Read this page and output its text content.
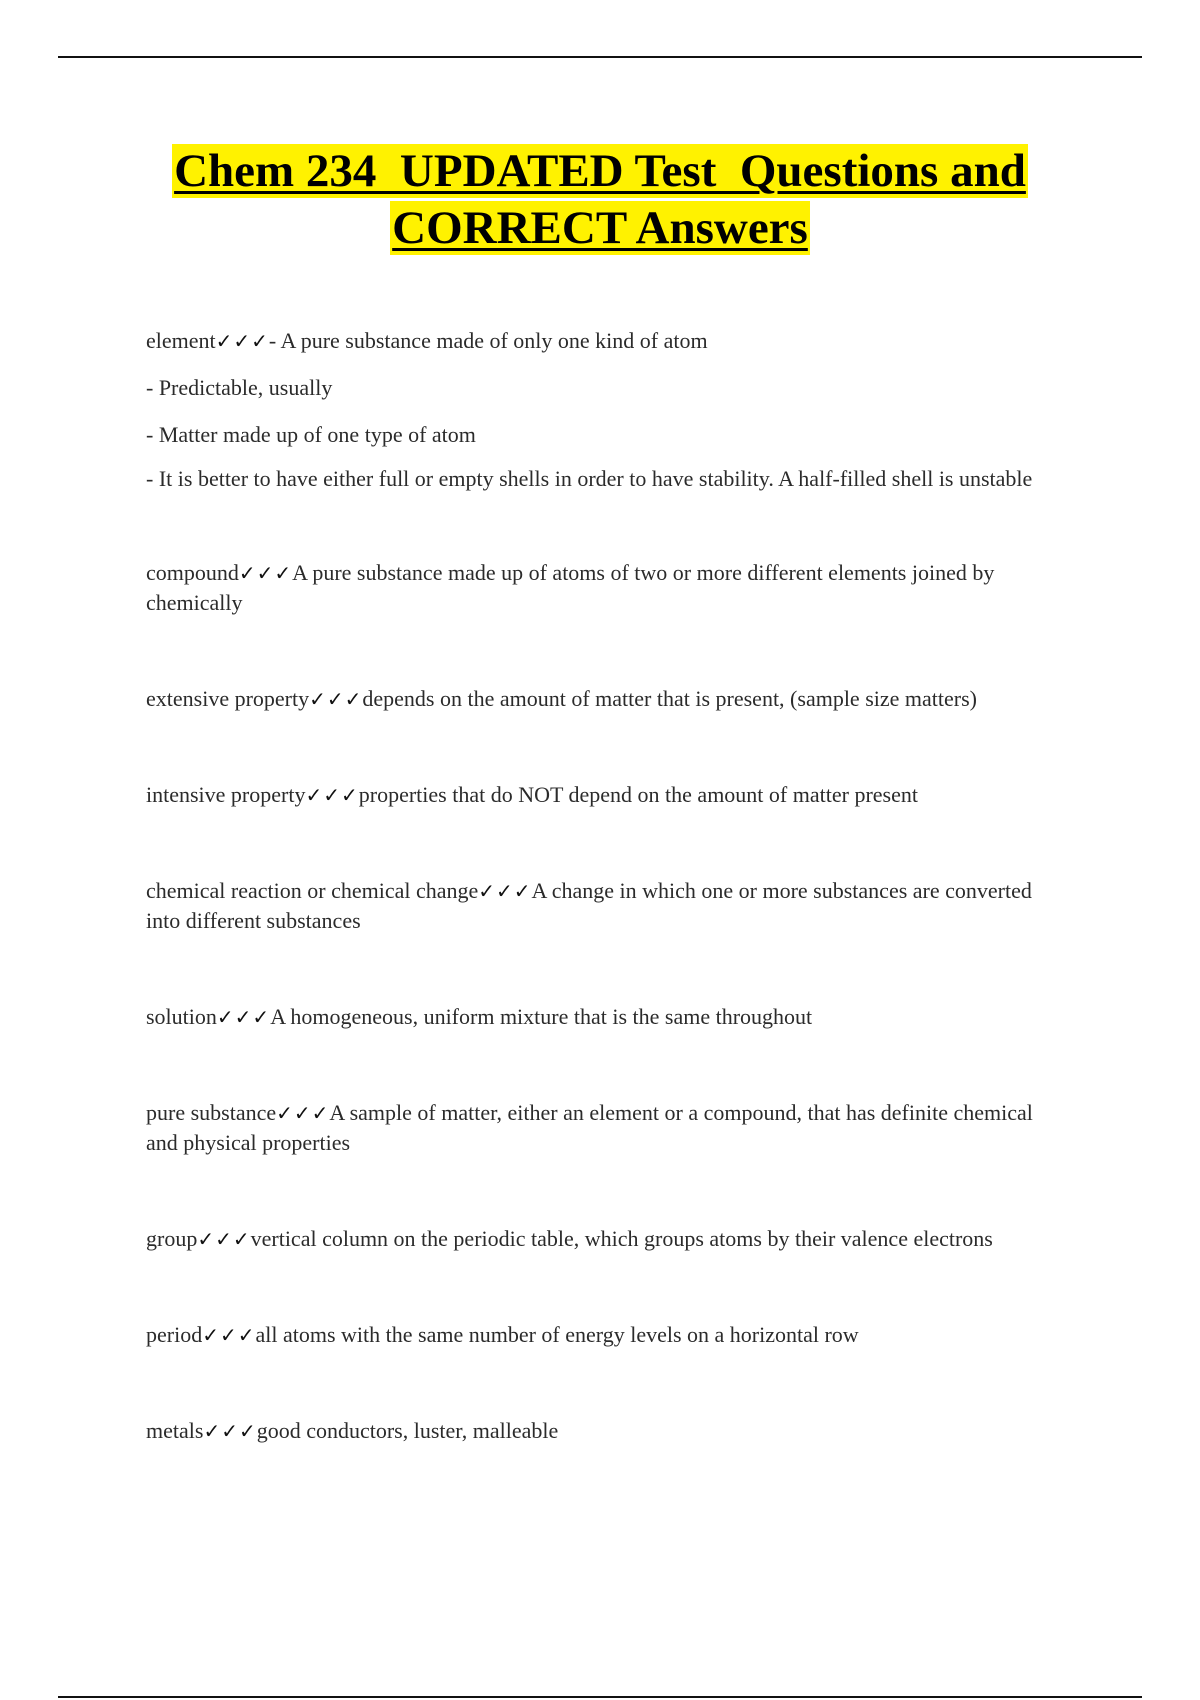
Chem 234  UPDATED Test  Questions and
CORRECT Answers

element✓✓✓- A pure substance made of only one kind of atom

- Predictable, usually

- Matter made up of one type of atom

- It is better to have either full or empty shells in order to have stability. A half-filled shell is unstable

compound✓✓✓A pure substance made up of atoms of two or more different elements joined by chemically

extensive property✓✓✓depends on the amount of matter that is present, (sample size matters)

intensive property✓✓✓properties that do NOT depend on the amount of matter present

chemical reaction or chemical change✓✓✓A change in which one or more substances are converted into different substances

solution✓✓✓A homogeneous, uniform mixture that is the same throughout

pure substance✓✓✓A sample of matter, either an element or a compound, that has definite chemical and physical properties

group✓✓✓vertical column on the periodic table, which groups atoms by their valence electrons

period✓✓✓all atoms with the same number of energy levels on a horizontal row

metals✓✓✓good conductors, luster, malleable
